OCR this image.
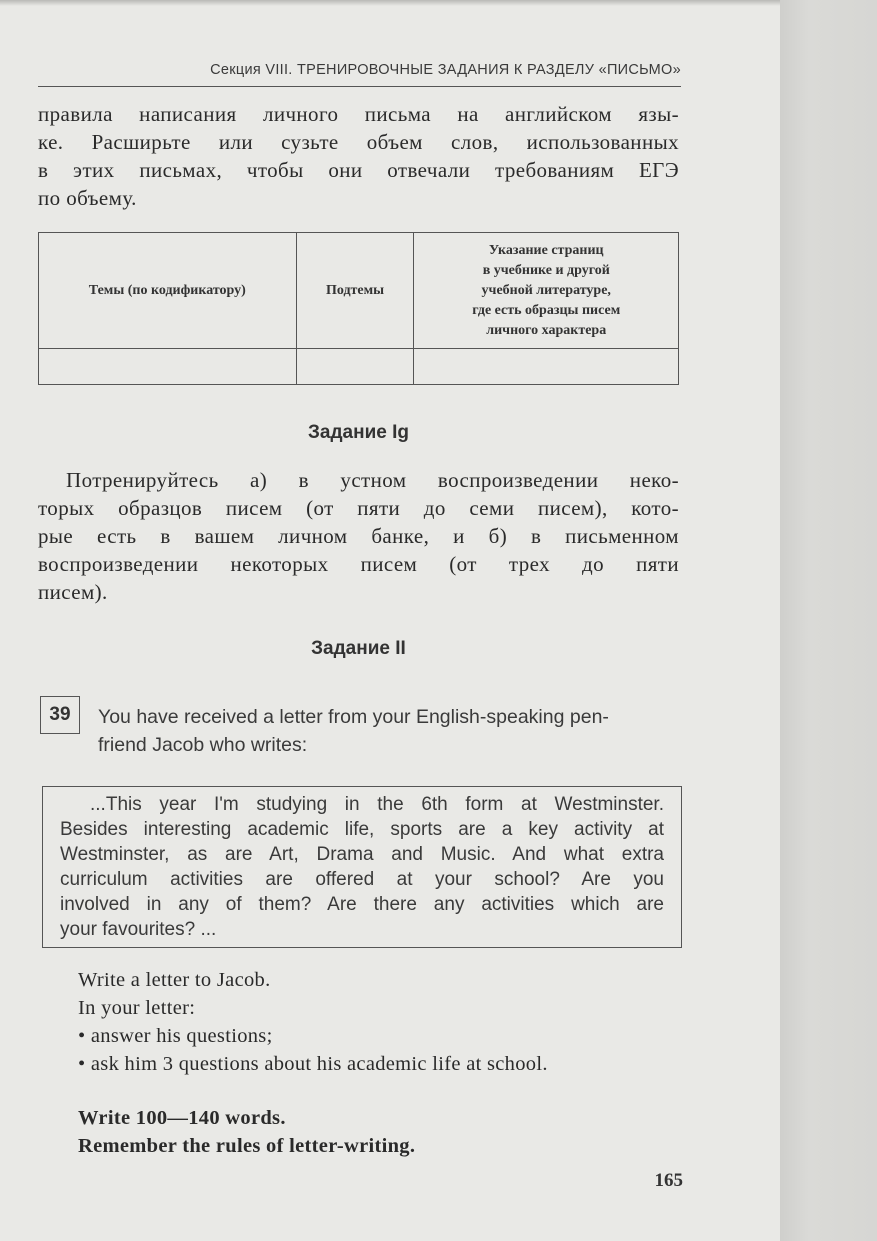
Секция VIII. ТРЕНИРОВОЧНЫЕ ЗАДАНИЯ К РАЗДЕЛУ «ПИСЬМО»
правила написания личного письма на английском язы-
ке. Расширьте или сузьте объем слов, использованных
в этих письмах, чтобы они отвечали требованиям ЕГЭ
по объему.
Темы (по кодификатору)	Подтемы	Указание страниц
в учебнике и другой
учебной литературе,
где есть образцы писем
личного характера

Задание Ig
Потренируйтесь а) в устном воспроизведении неко-
торых образцов писем (от пяти до семи писем), кото-
рые есть в вашем личном банке, и б) в письменном
воспроизведении некоторых писем (от трех до пяти
писем).
Задание II
39	You have received a letter from your English-speaking pen-
friend Jacob who writes:
...This year I'm studying in the 6th form at Westminster.
Besides interesting academic life, sports are a key activity at
Westminster, as are Art, Drama and Music. And what extra
curriculum activities are offered at your school? Are you
involved in any of them? Are there any activities which are
your favourites? ...
Write a letter to Jacob.
In your letter:
• answer his questions;
• ask him 3 questions about his academic life at school.
Write 100—140 words.
Remember the rules of letter-writing.
165
